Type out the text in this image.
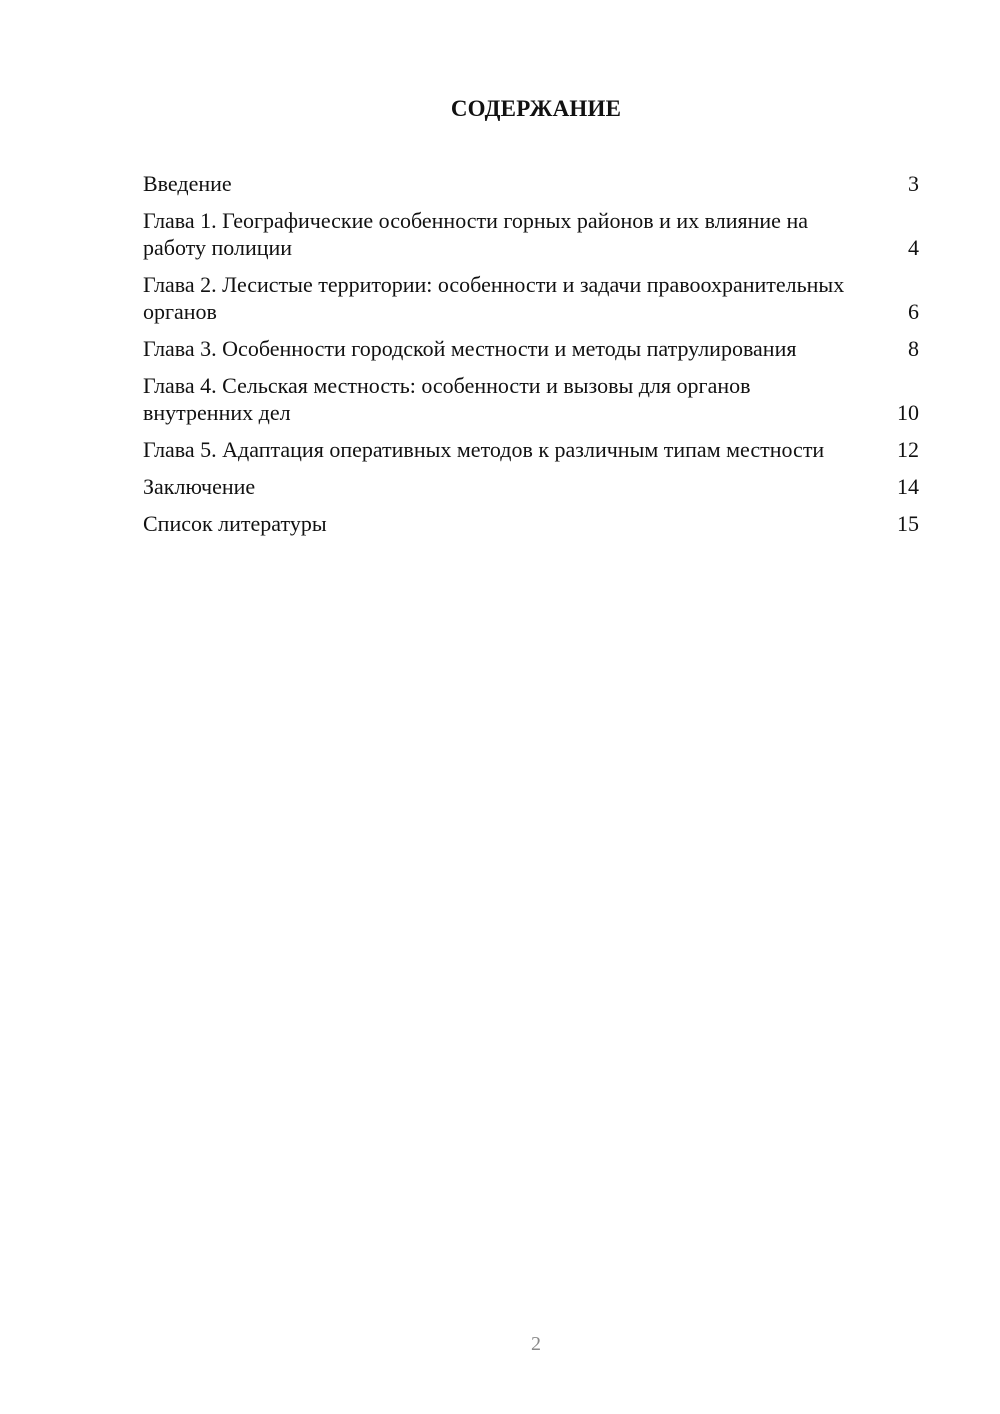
СОДЕРЖАНИЕ
Введение	3
Глава 1. Географические особенности горных районов и их влияние на работу полиции	4
Глава 2. Лесистые территории: особенности и задачи правоохранительных органов	6
Глава 3. Особенности городской местности и методы патрулирования	8
Глава 4. Сельская местность: особенности и вызовы для органов внутренних дел	10
Глава 5. Адаптация оперативных методов к различным типам местности	12
Заключение	14
Список литературы	15
2
